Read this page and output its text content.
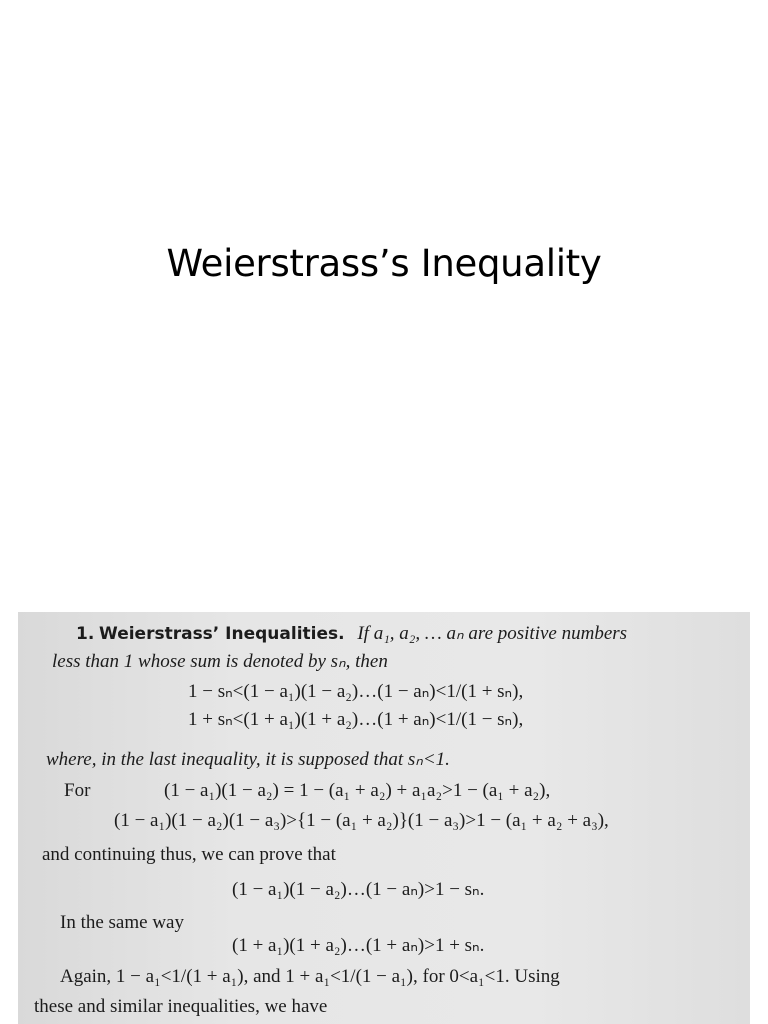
Weierstrass’s Inequality
1. Weierstrass’ Inequalities. If a₁, a₂, … aₙ are positive numbers
less than 1 whose sum is denoted by sₙ, then
1 − sₙ<(1 − a₁)(1 − a₂)…(1 − aₙ)<1/(1 + sₙ),
1 + sₙ<(1 + a₁)(1 + a₂)…(1 + aₙ)<1/(1 − sₙ),
where, in the last inequality, it is supposed that sₙ<1.
For	(1 − a₁)(1 − a₂) = 1 − (a₁ + a₂) + a₁a₂>1 − (a₁ + a₂),
(1 − a₁)(1 − a₂)(1 − a₃)>{1 − (a₁ + a₂)}(1 − a₃)>1 − (a₁ + a₂ + a₃),
and continuing thus, we can prove that
(1 − a₁)(1 − a₂)…(1 − aₙ)>1 − sₙ.
In the same way
(1 + a₁)(1 + a₂)…(1 + aₙ)>1 + sₙ.
Again, 1 − a₁<1/(1 + a₁), and 1 + a₁<1/(1 − a₁), for 0<a₁<1. Using
these and similar inequalities, we have
